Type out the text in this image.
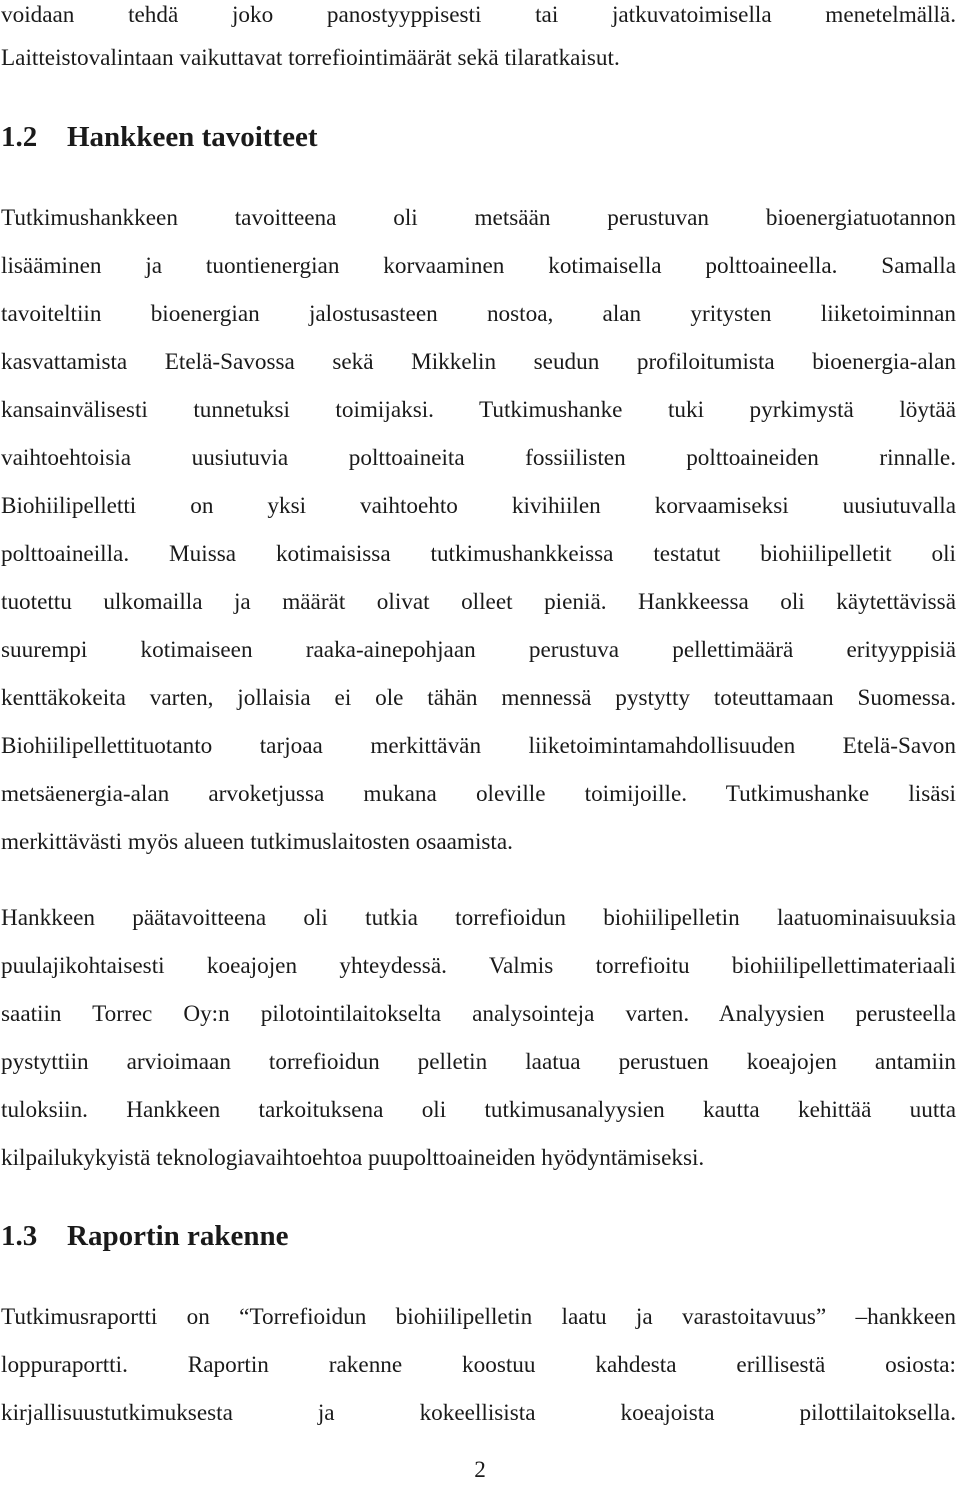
voidaan tehdä joko panostyyppisesti tai jatkuvatoimisella menetelmällä.
Laitteistovalintaan vaikuttavat torrefiointimäärät sekä tilaratkaisut.
1.2 Hankkeen tavoitteet
Tutkimushankkeen tavoitteena oli metsään perustuvan bioenergiatuotannon
lisääminen ja tuontienergian korvaaminen kotimaisella polttoaineella. Samalla
tavoiteltiin bioenergian jalostusasteen nostoa, alan yritysten liiketoiminnan
kasvattamista Etelä-Savossa sekä Mikkelin seudun profiloitumista bioenergia-alan
kansainvälisesti tunnetuksi toimijaksi. Tutkimushanke tuki pyrkimystä löytää
vaihtoehtoisia uusiutuvia polttoaineita fossiilisten polttoaineiden rinnalle.
Biohiilipelletti on yksi vaihtoehto kivihiilen korvaamiseksi uusiutuvalla
polttoaineilla. Muissa kotimaisissa tutkimushankkeissa testatut biohiilipelletit oli
tuotettu ulkomailla ja määrät olivat olleet pieniä. Hankkeessa oli käytettävissä
suurempi kotimaiseen raaka-ainepohjaan perustuva pellettimäärä erityyppisiä
kenttäkokeita varten, jollaisia ei ole tähän mennessä pystytty toteuttamaan Suomessa.
Biohiilipellettituotanto tarjoaa merkittävän liiketoimintamahdollisuuden Etelä-Savon
metsäenergia-alan arvoketjussa mukana oleville toimijoille. Tutkimushanke lisäsi
merkittävästi myös alueen tutkimuslaitosten osaamista.
Hankkeen päätavoitteena oli tutkia torrefioidun biohiilipelletin laatuominaisuuksia
puulajikohtaisesti koeajojen yhteydessä. Valmis torrefioitu biohiilipellettimateriaali
saatiin Torrec Oy:n pilotointilaitokselta analysointeja varten. Analyysien perusteella
pystyttiin arvioimaan torrefioidun pelletin laatua perustuen koeajojen antamiin
tuloksiin. Hankkeen tarkoituksena oli tutkimusanalyysien kautta kehittää uutta
kilpailukykyistä teknologiavaihtoehtoa puupolttoaineiden hyödyntämiseksi.
1.3 Raportin rakenne
Tutkimusraportti on “Torrefioidun biohiilipelletin laatu ja varastoitavuus” –hankkeen
loppuraportti. Raportin rakenne koostuu kahdesta erillisestä osiosta:
kirjallisuustutkimuksesta ja kokeellisista koeajoista pilottilaitoksella.
2
